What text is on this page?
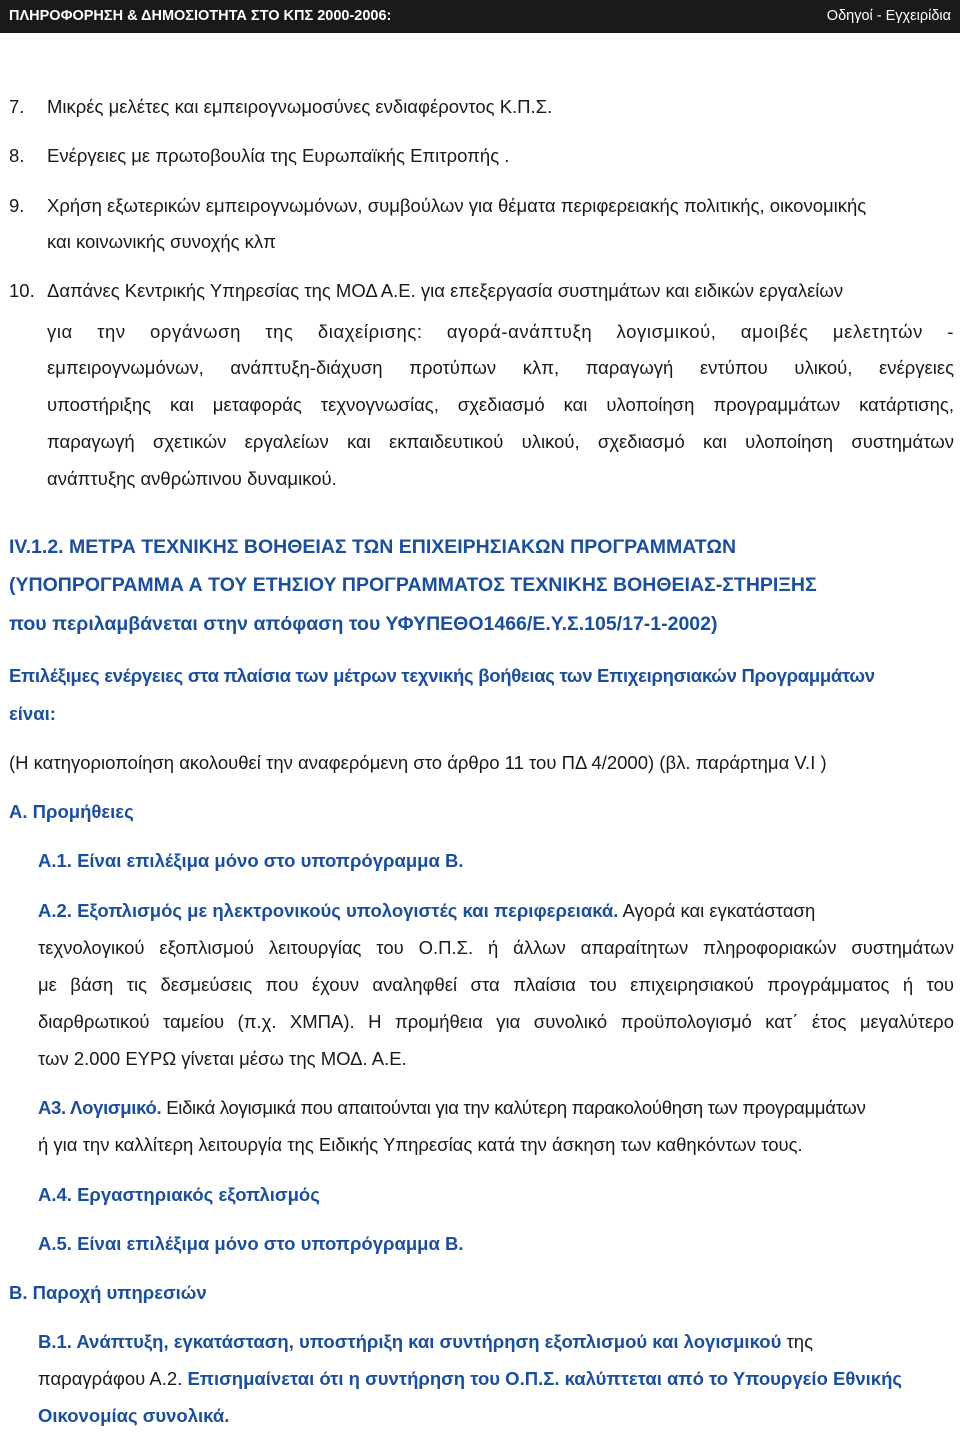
ΠΛΗΡΟΦΟΡΗΣΗ & ΔΗΜΟΣΙΟΤΗΤΑ ΣΤΟ ΚΠΣ 2000-2006:	Οδηγοί - Εγχειρίδια
7. Μικρές μελέτες και εμπειρογνωμοσύνες ενδιαφέροντος Κ.Π.Σ.
8. Ενέργειες με πρωτοβουλία της Ευρωπαϊκής Επιτροπής .
9. Χρήση εξωτερικών εμπειρογνωμόνων, συμβούλων για θέματα περιφερειακής πολιτικής, οικονομικής
και κοινωνικής συνοχής κλπ
10. Δαπάνες Κεντρικής Υπηρεσίας της ΜΟΔ Α.Ε. για επεξεργασία συστημάτων και ειδικών εργαλείων
για την οργάνωση της διαχείρισης: αγορά-ανάπτυξη λογισμικού, αμοιβές μελετητών -
εμπειρογνωμόνων, ανάπτυξη-διάχυση προτύπων κλπ, παραγωγή εντύπου υλικού, ενέργειες
υποστήριξης και μεταφοράς τεχνογνωσίας, σχεδιασμό και υλοποίηση προγραμμάτων κατάρτισης,
παραγωγή σχετικών εργαλείων και εκπαιδευτικού υλικού, σχεδιασμό και υλοποίηση συστημάτων
ανάπτυξης ανθρώπινου δυναμικού.
IV.1.2. ΜΕΤΡΑ ΤΕΧΝΙΚΗΣ ΒΟΗΘΕΙΑΣ ΤΩΝ ΕΠΙΧΕΙΡΗΣΙΑΚΩΝ ΠΡΟΓΡΑΜΜΑΤΩΝ
(ΥΠΟΠΡΟΓΡΑΜΜΑ Α ΤΟΥ ΕΤΗΣΙΟΥ ΠΡΟΓΡΑΜΜΑΤΟΣ ΤΕΧΝΙΚΗΣ ΒΟΗΘΕΙΑΣ-ΣΤΗΡΙΞΗΣ
που περιλαμβάνεται στην απόφαση του ΥΦΥΠΕΘΟ1466/Ε.Υ.Σ.105/17-1-2002)
Επιλέξιμες ενέργειες στα πλαίσια των μέτρων τεχνικής βοήθειας των Επιχειρησιακών Προγραμμάτων
είναι:
(Η κατηγοριοποίηση ακολουθεί την αναφερόμενη στο άρθρο 11 του ΠΔ 4/2000) (βλ. παράρτημα V.I )
Α. Προμήθειες
Α.1. Είναι επιλέξιμα μόνο στο υποπρόγραμμα Β.
Α.2. Εξοπλισμός με ηλεκτρονικούς υπολογιστές και περιφερειακά. Αγορά και εγκατάσταση
τεχνολογικού εξοπλισμού λειτουργίας του Ο.Π.Σ. ή άλλων απαραίτητων πληροφοριακών συστημάτων
με βάση τις δεσμεύσεις που έχουν αναληφθεί στα πλαίσια του επιχειρησιακού προγράμματος ή του
διαρθρωτικού ταμείου (π.χ. ΧΜΠΑ). Η προμήθεια για συνολικό προϋπολογισμό κατ΄ έτος μεγαλύτερο
των 2.000 ΕΥΡΩ γίνεται μέσω της ΜΟΔ. Α.Ε.
Α3. Λογισμικό. Ειδικά λογισμικά που απαιτούνται για την καλύτερη παρακολούθηση των προγραμμάτων
ή για την καλλίτερη λειτουργία της Ειδικής Υπηρεσίας κατά την άσκηση των καθηκόντων τους.
Α.4. Εργαστηριακός εξοπλισμός
Α.5. Είναι επιλέξιμα μόνο στο υποπρόγραμμα Β.
Β. Παροχή υπηρεσιών
Β.1. Ανάπτυξη, εγκατάσταση, υποστήριξη και συντήρηση εξοπλισμού και λογισμικού της
παραγράφου Α.2. Επισημαίνεται ότι η συντήρηση του Ο.Π.Σ. καλύπτεται από το Υπουργείο Εθνικής
Οικονομίας συνολικά.
